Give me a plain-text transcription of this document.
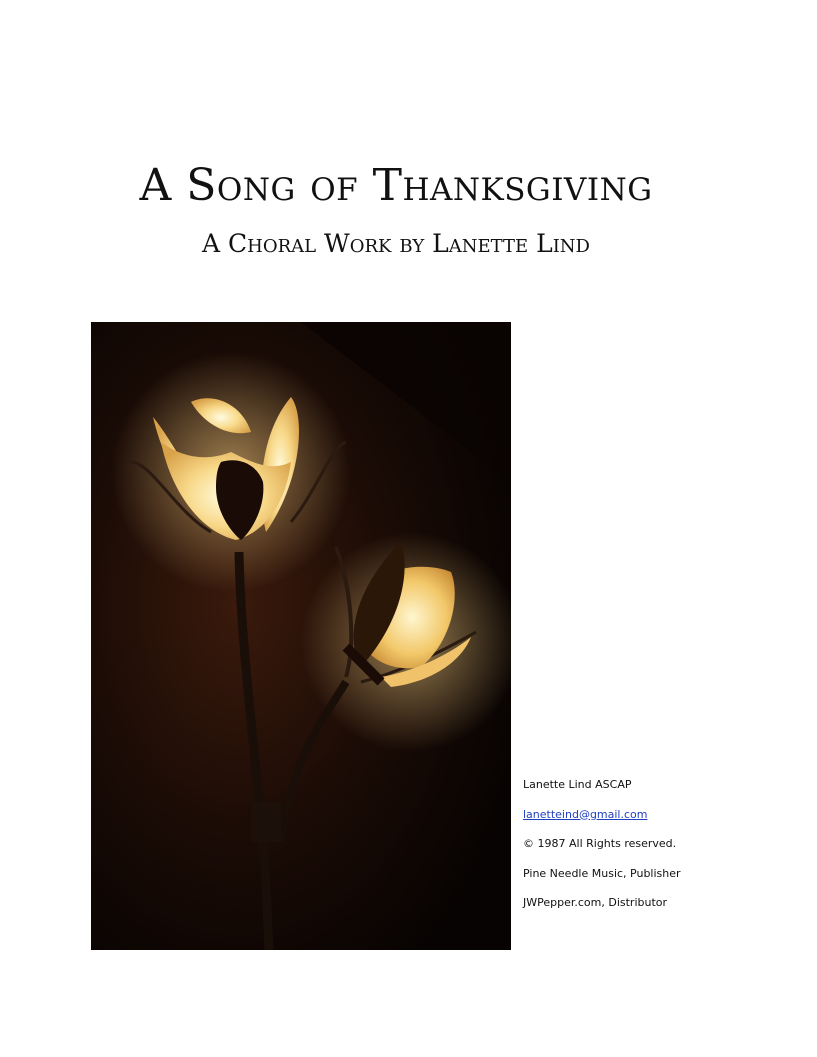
A Song of Thanksgiving
A Choral Work by Lanette Lind

Lanette Lind ASCAP

lanetteind@gmail.com

© 1987 All Rights reserved.

Pine Needle Music, Publisher

JWPepper.com, Distributor
